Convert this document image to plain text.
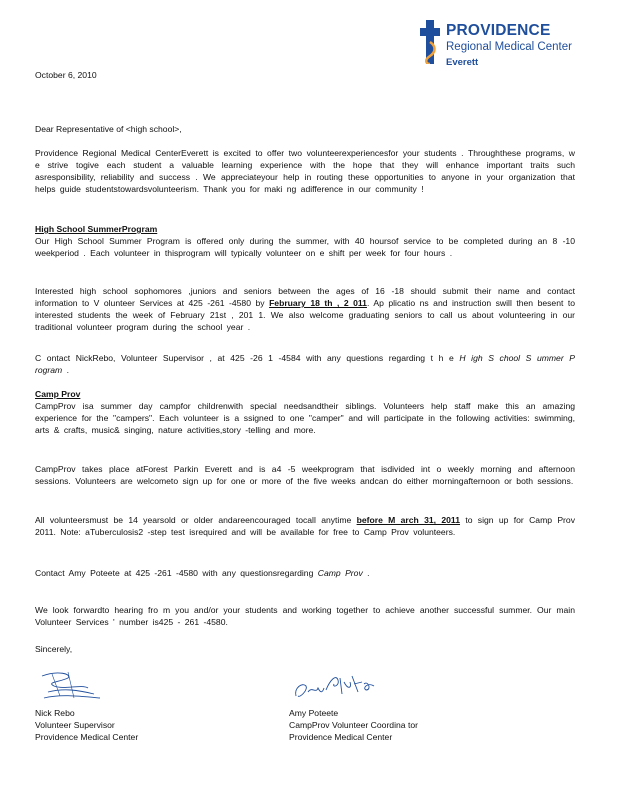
PROVIDENCE
Regional Medical Center
Everett
October 6, 2010
Dear Representative of <high school>,
Providence Regional Medical CenterEverett is excited to offer two volunteerexperiencesfor your students . Throughthese programs, w e strive togive each student a valuable learning experience with the hope that they will enhance important traits such asresponsibility, reliability and success . We appreciateyour help in routing these opportunities to anyone in your organization that helps guide studentstowardsvolunteerism. Thank you for maki ng adifference in our community !
High School SummerProgram
Our High School Summer Program is offered only during the summer, with 40 hoursof service to be completed during an 8 -10 weekperiod . Each volunteer in thisprogram will typically volunteer on e shift per week for four hours .
Interested high school sophomores ,juniors and seniors between the ages of 16 -18 should submit their name and contact information to V olunteer Services at 425 -261 -4580 by February 18 th , 2 011. Ap plicatio ns and instruction swill then besent to interested students the week of February 21st , 201 1. We also welcome graduating seniors to call us about volunteering in our traditional volunteer program during the school year .
C ontact NickRebo, Volunteer Supervisor , at 425 -26 1 -4584 with any questions regarding t h e H igh S chool S ummer P rogram .
Camp Prov
CampProv isa summer day campfor childrenwith special needsandtheir siblings. Volunteers help staff make this an amazing experience for the "campers". Each volunteer is a ssigned to one "camper" and will participate in the following activities: swimming, arts & crafts, music& singing, nature activities,story -telling and more.
CampProv takes place atForest Parkin Everett and is a4 -5 weekprogram that isdivided int o weekly morning and afternoon sessions. Volunteers are welcometo sign up for one or more of the five weeks andcan do either morningafternoon or both sessions.
All volunteersmust be 14 yearsold or older andareencouraged tocall anytime before M arch 31, 2011 to sign up for Camp Prov 2011. Note: aTuberculosis2 -step test isrequired and will be available for free to Camp Prov volunteers.
Contact Amy Poteete at 425 -261 -4580 with any questionsregarding Camp Prov .
We look forwardto hearing fro m you and/or your students and working together to achieve another successful summer. Our main Volunteer Services ' number is425 - 261 -4580.
Sincerely,
Nick Rebo
Volunteer Supervisor
Providence Medical Center
Amy Poteete
CampProv Volunteer Coordina tor
Providence Medical Center
